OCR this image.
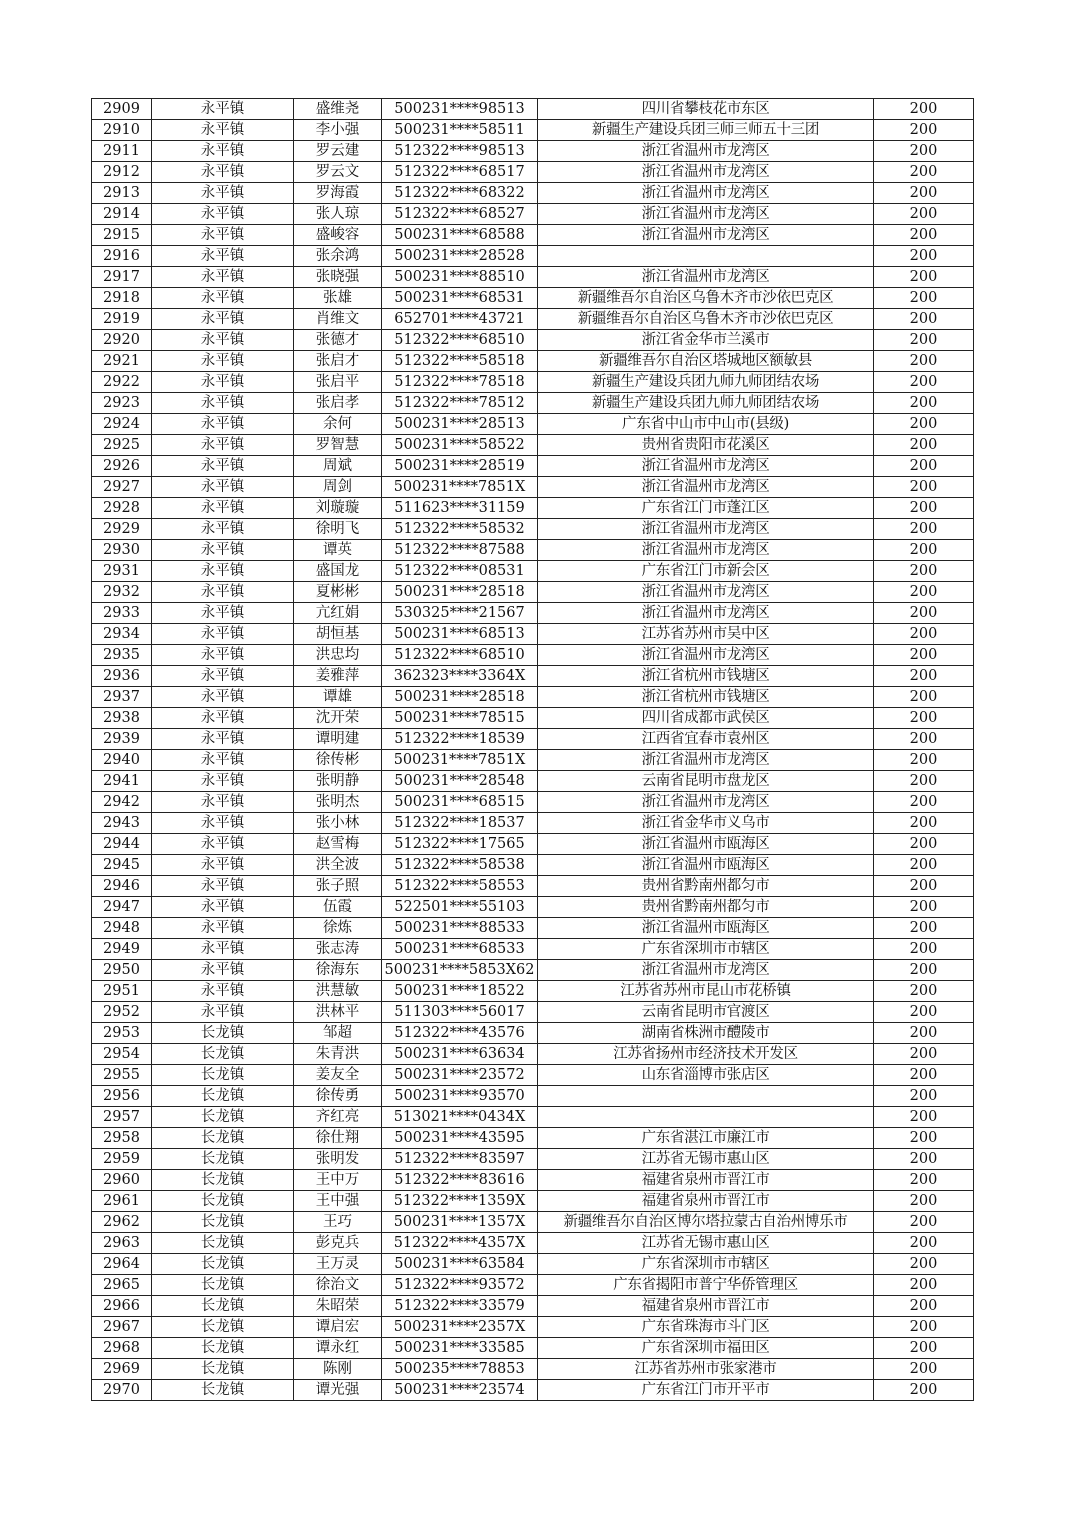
2909	永平镇	盛维尧	500231****98513	四川省攀枝花市东区	200
2910	永平镇	李小强	500231****58511	新疆生产建设兵团三师三师五十三团	200
2911	永平镇	罗云建	512322****98513	浙江省温州市龙湾区	200
2912	永平镇	罗云文	512322****68517	浙江省温州市龙湾区	200
2913	永平镇	罗海霞	512322****68322	浙江省温州市龙湾区	200
2914	永平镇	张人琼	512322****68527	浙江省温州市龙湾区	200
2915	永平镇	盛峻容	500231****68588	浙江省温州市龙湾区	200
2916	永平镇	张余鸿	500231****28528		200
2917	永平镇	张晓强	500231****88510	浙江省温州市龙湾区	200
2918	永平镇	张雄	500231****68531	新疆维吾尔自治区乌鲁木齐市沙依巴克区	200
2919	永平镇	肖维文	652701****43721	新疆维吾尔自治区乌鲁木齐市沙依巴克区	200
2920	永平镇	张德才	512322****68510	浙江省金华市兰溪市	200
2921	永平镇	张启才	512322****58518	新疆维吾尔自治区塔城地区额敏县	200
2922	永平镇	张启平	512322****78518	新疆生产建设兵团九师九师团结农场	200
2923	永平镇	张启孝	512322****78512	新疆生产建设兵团九师九师团结农场	200
2924	永平镇	余何	500231****28513	广东省中山市中山市(县级)	200
2925	永平镇	罗智慧	500231****58522	贵州省贵阳市花溪区	200
2926	永平镇	周斌	500231****28519	浙江省温州市龙湾区	200
2927	永平镇	周剑	500231****7851X	浙江省温州市龙湾区	200
2928	永平镇	刘璇璇	511623****31159	广东省江门市蓬江区	200
2929	永平镇	徐明飞	512322****58532	浙江省温州市龙湾区	200
2930	永平镇	谭英	512322****87588	浙江省温州市龙湾区	200
2931	永平镇	盛国龙	512322****08531	广东省江门市新会区	200
2932	永平镇	夏彬彬	500231****28518	浙江省温州市龙湾区	200
2933	永平镇	亢红娟	530325****21567	浙江省温州市龙湾区	200
2934	永平镇	胡恒基	500231****68513	江苏省苏州市吴中区	200
2935	永平镇	洪忠均	512322****68510	浙江省温州市龙湾区	200
2936	永平镇	姜雅萍	362323****3364X	浙江省杭州市钱塘区	200
2937	永平镇	谭雄	500231****28518	浙江省杭州市钱塘区	200
2938	永平镇	沈开荣	500231****78515	四川省成都市武侯区	200
2939	永平镇	谭明建	512322****18539	江西省宜春市袁州区	200
2940	永平镇	徐传彬	500231****7851X	浙江省温州市龙湾区	200
2941	永平镇	张明静	500231****28548	云南省昆明市盘龙区	200
2942	永平镇	张明杰	500231****68515	浙江省温州市龙湾区	200
2943	永平镇	张小林	512322****18537	浙江省金华市义乌市	200
2944	永平镇	赵雪梅	512322****17565	浙江省温州市瓯海区	200
2945	永平镇	洪全波	512322****58538	浙江省温州市瓯海区	200
2946	永平镇	张子照	512322****58553	贵州省黔南州都匀市	200
2947	永平镇	伍霞	522501****55103	贵州省黔南州都匀市	200
2948	永平镇	徐炼	500231****88533	浙江省温州市瓯海区	200
2949	永平镇	张志涛	500231****68533	广东省深圳市市辖区	200
2950	永平镇	徐海东	500231****5853X62	浙江省温州市龙湾区	200
2951	永平镇	洪慧敏	500231****18522	江苏省苏州市昆山市花桥镇	200
2952	永平镇	洪林平	511303****56017	云南省昆明市官渡区	200
2953	长龙镇	邹超	512322****43576	湖南省株洲市醴陵市	200
2954	长龙镇	朱青洪	500231****63634	江苏省扬州市经济技术开发区	200
2955	长龙镇	姜友全	500231****23572	山东省淄博市张店区	200
2956	长龙镇	徐传勇	500231****93570		200
2957	长龙镇	齐红亮	513021****0434X		200
2958	长龙镇	徐仕翔	500231****43595	广东省湛江市廉江市	200
2959	长龙镇	张明发	512322****83597	江苏省无锡市惠山区	200
2960	长龙镇	王中万	512322****83616	福建省泉州市晋江市	200
2961	长龙镇	王中强	512322****1359X	福建省泉州市晋江市	200
2962	长龙镇	王巧	500231****1357X	新疆维吾尔自治区博尔塔拉蒙古自治州博乐市	200
2963	长龙镇	彭克兵	512322****4357X	江苏省无锡市惠山区	200
2964	长龙镇	王万灵	500231****63584	广东省深圳市市辖区	200
2965	长龙镇	徐治文	512322****93572	广东省揭阳市普宁华侨管理区	200
2966	长龙镇	朱昭荣	512322****33579	福建省泉州市晋江市	200
2967	长龙镇	谭启宏	500231****2357X	广东省珠海市斗门区	200
2968	长龙镇	谭永红	500231****33585	广东省深圳市福田区	200
2969	长龙镇	陈刚	500235****78853	江苏省苏州市张家港市	200
2970	长龙镇	谭光强	500231****23574	广东省江门市开平市	200
